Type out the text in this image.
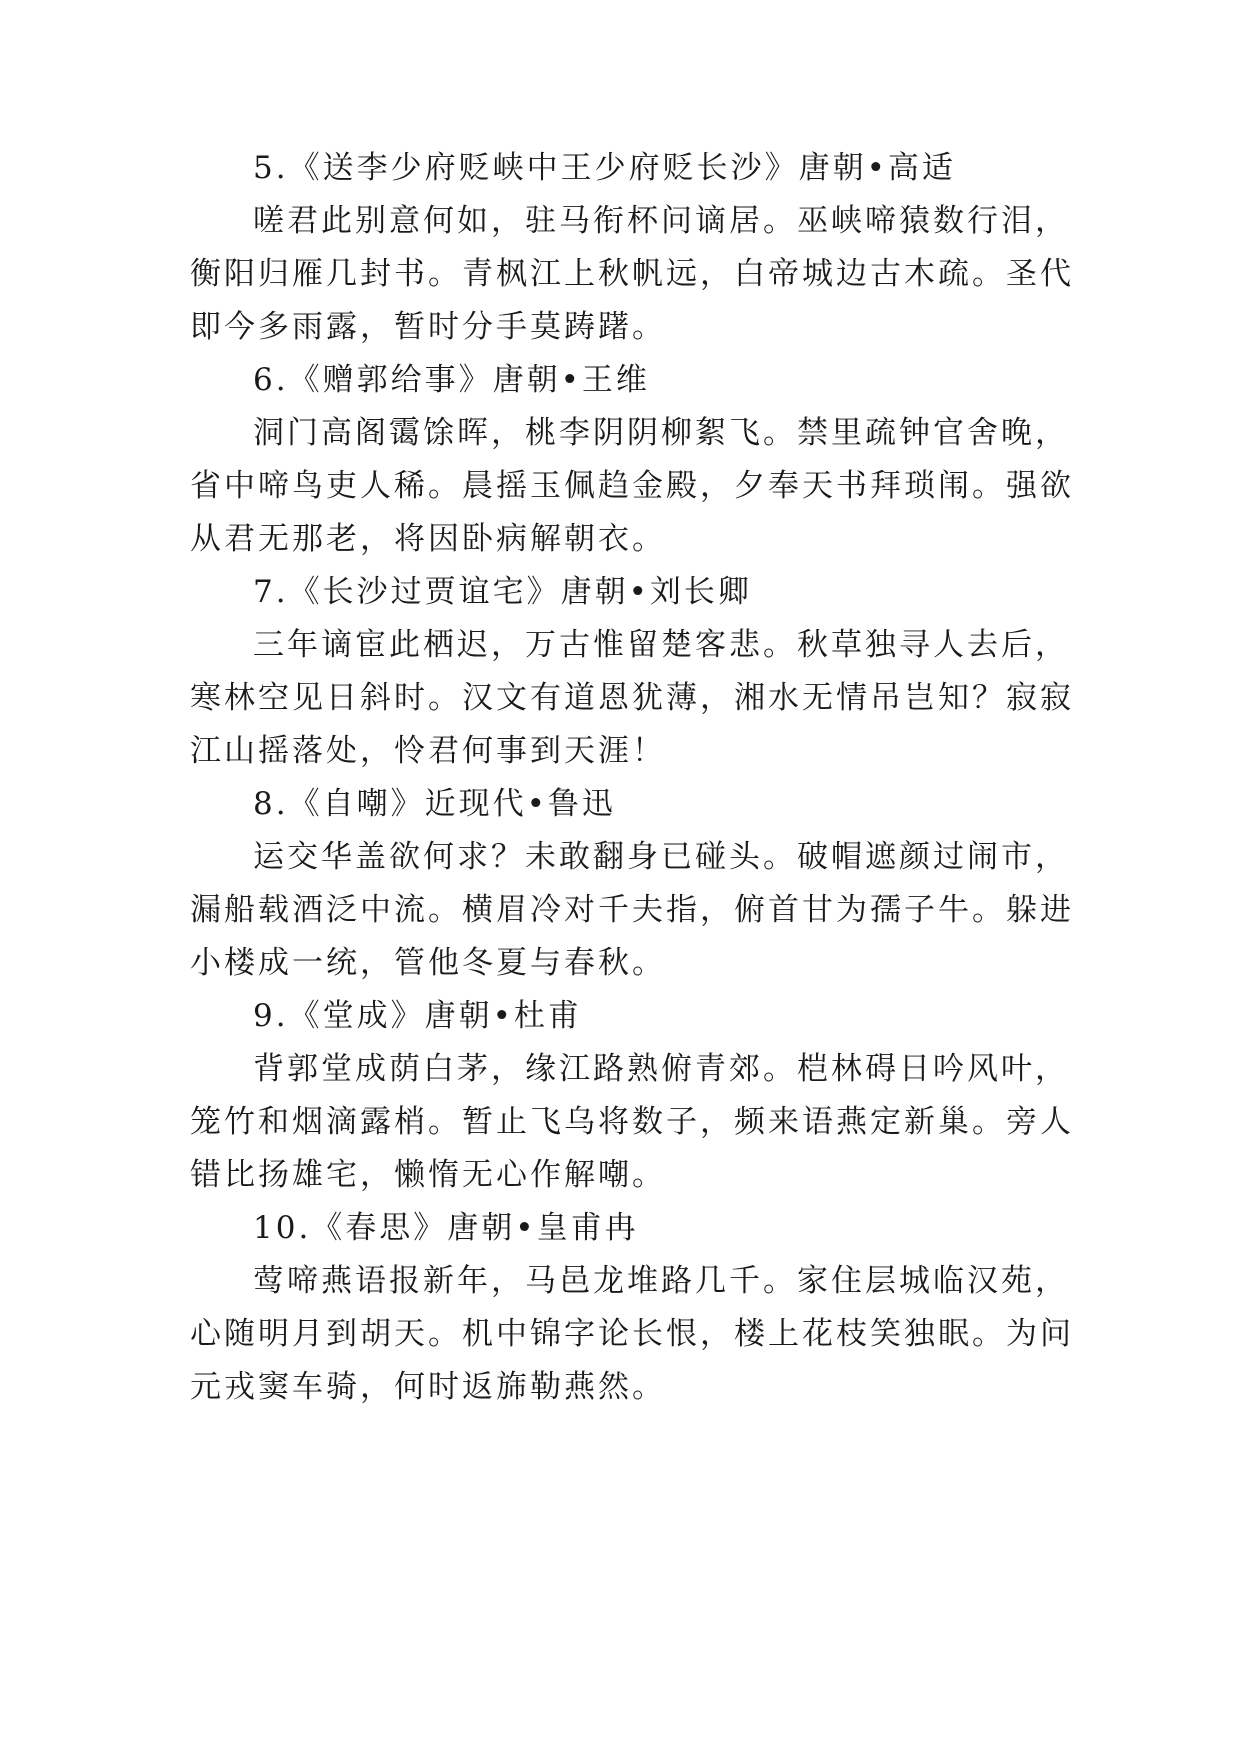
5.《送李少府贬峡中王少府贬长沙》唐朝•高适
嗟君此别意何如，驻马衔杯问谪居。巫峡啼猿数行泪，
衡阳归雁几封书。青枫江上秋帆远，白帝城边古木疏。圣代
即今多雨露，暂时分手莫踌躇。
6.《赠郭给事》唐朝•王维
洞门高阁霭馀晖，桃李阴阴柳絮飞。禁里疏钟官舍晚，
省中啼鸟吏人稀。晨摇玉佩趋金殿，夕奉天书拜琐闱。强欲
从君无那老，将因卧病解朝衣。
7.《长沙过贾谊宅》唐朝•刘长卿
三年谪宦此栖迟，万古惟留楚客悲。秋草独寻人去后，
寒林空见日斜时。汉文有道恩犹薄，湘水无情吊岂知？寂寂
江山摇落处，怜君何事到天涯！
8.《自嘲》近现代•鲁迅
运交华盖欲何求？未敢翻身已碰头。破帽遮颜过闹市，
漏船载酒泛中流。横眉冷对千夫指，俯首甘为孺子牛。躲进
小楼成一统，管他冬夏与春秋。
9.《堂成》唐朝•杜甫
背郭堂成荫白茅，缘江路熟俯青郊。桤林碍日吟风叶，
笼竹和烟滴露梢。暂止飞乌将数子，频来语燕定新巢。旁人
错比扬雄宅，懒惰无心作解嘲。
10.《春思》唐朝•皇甫冉
莺啼燕语报新年，马邑龙堆路几千。家住层城临汉苑，
心随明月到胡天。机中锦字论长恨，楼上花枝笑独眠。为问
元戎窦车骑，何时返旆勒燕然。
